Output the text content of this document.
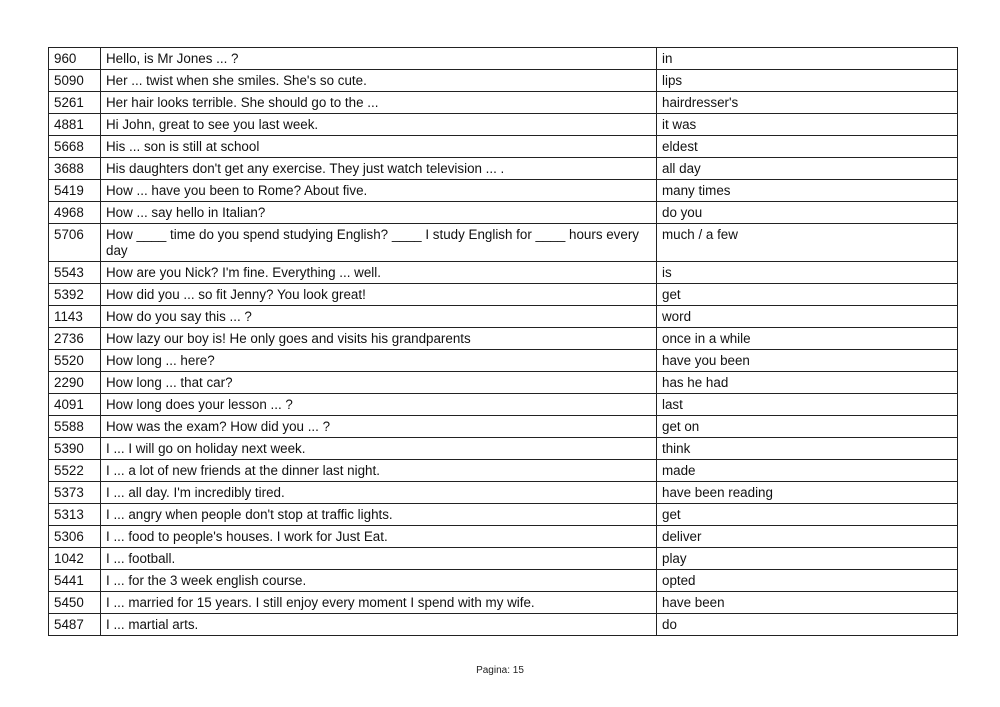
960	Hello, is Mr Jones ... ?	in
5090	Her ... twist when she smiles. She's so cute.	lips
5261	Her hair looks terrible. She should go to the ...	hairdresser's
4881	Hi John, great to see you last week.	it was
5668	His ... son is still at school	eldest
3688	His daughters don't get any exercise. They just watch television ... .	all day
5419	How ... have you been to Rome? About five.	many times
4968	How ... say hello in Italian?	do you
5706	How ____ time do you spend studying English? ____ I study English for ____ hours every day	much / a few
5543	How are you Nick? I'm fine. Everything ... well.	is
5392	How did you ... so fit Jenny? You look great!	get
1143	How do you say this ... ?	word
2736	How lazy our boy is! He only goes and visits his grandparents	once in a while
5520	How long ... here?	have you been
2290	How long ... that car?	has he had
4091	How long does your lesson ... ?	last
5588	How was the exam? How did you ... ?	get on
5390	I ... I will go on holiday next week.	think
5522	I ... a lot of new friends at the dinner last night.	made
5373	I ... all day. I'm incredibly tired.	have been reading
5313	I ... angry when people don't stop at traffic lights.	get
5306	I ... food to people's houses. I work for Just Eat.	deliver
1042	I ... football.	play
5441	I ... for the 3 week english course.	opted
5450	I ... married for 15 years. I still enjoy every moment I spend with my wife.	have been
5487	I ... martial arts.	do
Pagina: 15
